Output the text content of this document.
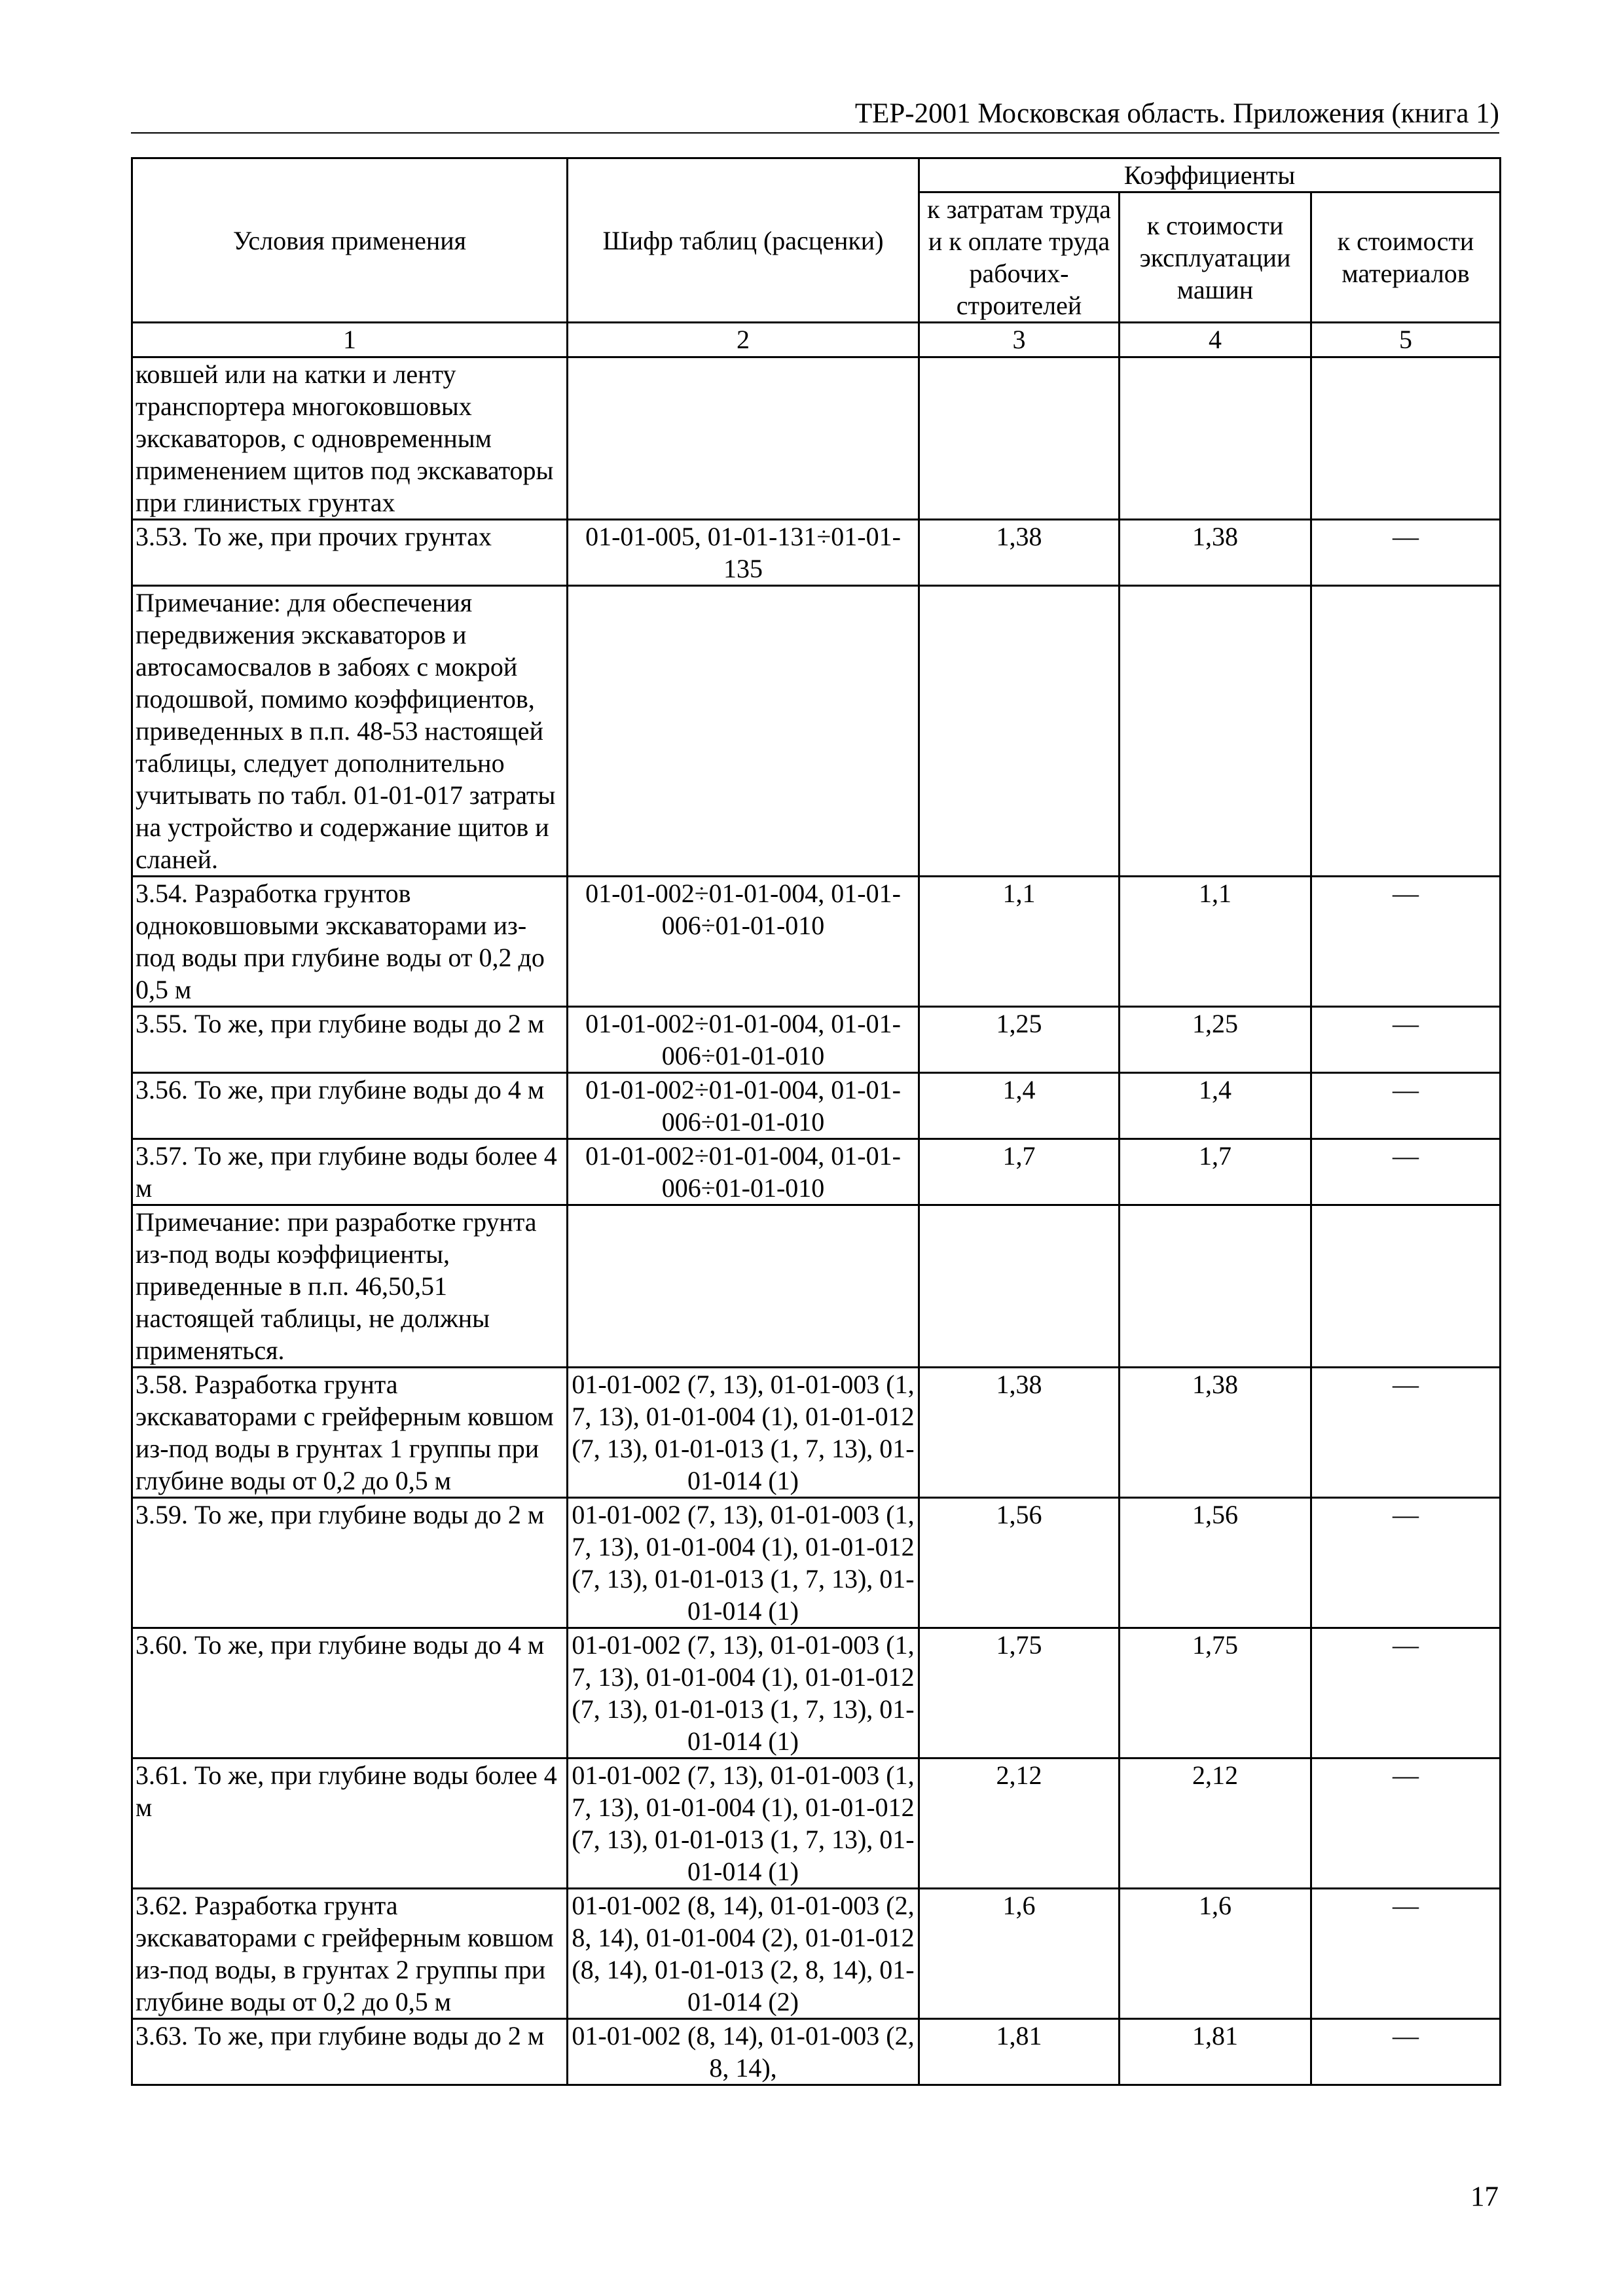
ТЕР-2001 Московская область. Приложения (книга 1)
Условия применения	Шифр таблиц (расценки)	Коэффициенты		
		к затратам труда и к оплате труда рабочих-строителей	к стоимости эксплуатации машин	к стоимости материалов
1	2	3	4	5
ковшей или на катки и ленту транспортера многоковшовых экскаваторов, с одновременным применением щитов под экскаваторы при глинистых грунтах				
3.53. То же, при прочих грунтах	01-01-005, 01-01-131÷01-01-135	1,38	1,38	—
Примечание: для обеспечения передвижения экскаваторов и автосамосвалов в забоях с мокрой подошвой, помимо коэффициентов, приведенных в п.п. 48-53 настоящей таблицы, следует дополнительно учитывать по табл. 01-01-017 затраты на устройство и содержание щитов и сланей.				
3.54. Разработка грунтов одноковшовыми экскаваторами из-под воды при глубине воды от 0,2 до 0,5 м	01-01-002÷01-01-004, 01-01-006÷01-01-010	1,1	1,1	—
3.55. То же, при глубине воды до 2 м	01-01-002÷01-01-004, 01-01-006÷01-01-010	1,25	1,25	—
3.56. То же, при глубине воды до 4 м	01-01-002÷01-01-004, 01-01-006÷01-01-010	1,4	1,4	—
3.57. То же, при глубине воды более 4 м	01-01-002÷01-01-004, 01-01-006÷01-01-010	1,7	1,7	—
Примечание: при разработке грунта из-под воды коэффициенты, приведенные в п.п. 46,50,51 настоящей таблицы, не должны применяться.				
3.58. Разработка грунта экскаваторами с грейферным ковшом из-под воды в грунтах 1 группы при глубине воды от 0,2 до 0,5 м	01-01-002 (7, 13), 01-01-003 (1, 7, 13), 01-01-004 (1), 01-01-012 (7, 13), 01-01-013 (1, 7, 13), 01-01-014 (1)	1,38	1,38	—
3.59. То же, при глубине воды до 2 м	01-01-002 (7, 13), 01-01-003 (1, 7, 13), 01-01-004 (1), 01-01-012 (7, 13), 01-01-013 (1, 7, 13), 01-01-014 (1)	1,56	1,56	—
3.60. То же, при глубине воды до 4 м	01-01-002 (7, 13), 01-01-003 (1, 7, 13), 01-01-004 (1), 01-01-012 (7, 13), 01-01-013 (1, 7, 13), 01-01-014 (1)	1,75	1,75	—
3.61. То же, при глубине воды более 4 м	01-01-002 (7, 13), 01-01-003 (1, 7, 13), 01-01-004 (1), 01-01-012 (7, 13), 01-01-013 (1, 7, 13), 01-01-014 (1)	2,12	2,12	—
3.62. Разработка грунта экскаваторами с грейферным ковшом из-под воды, в грунтах 2 группы при глубине воды от 0,2 до 0,5 м	01-01-002 (8, 14), 01-01-003 (2, 8, 14), 01-01-004 (2), 01-01-012 (8, 14), 01-01-013 (2, 8, 14), 01-01-014 (2)	1,6	1,6	—
3.63. То же, при глубине воды до 2 м	01-01-002 (8, 14), 01-01-003 (2, 8, 14),	1,81	1,81	—
17
